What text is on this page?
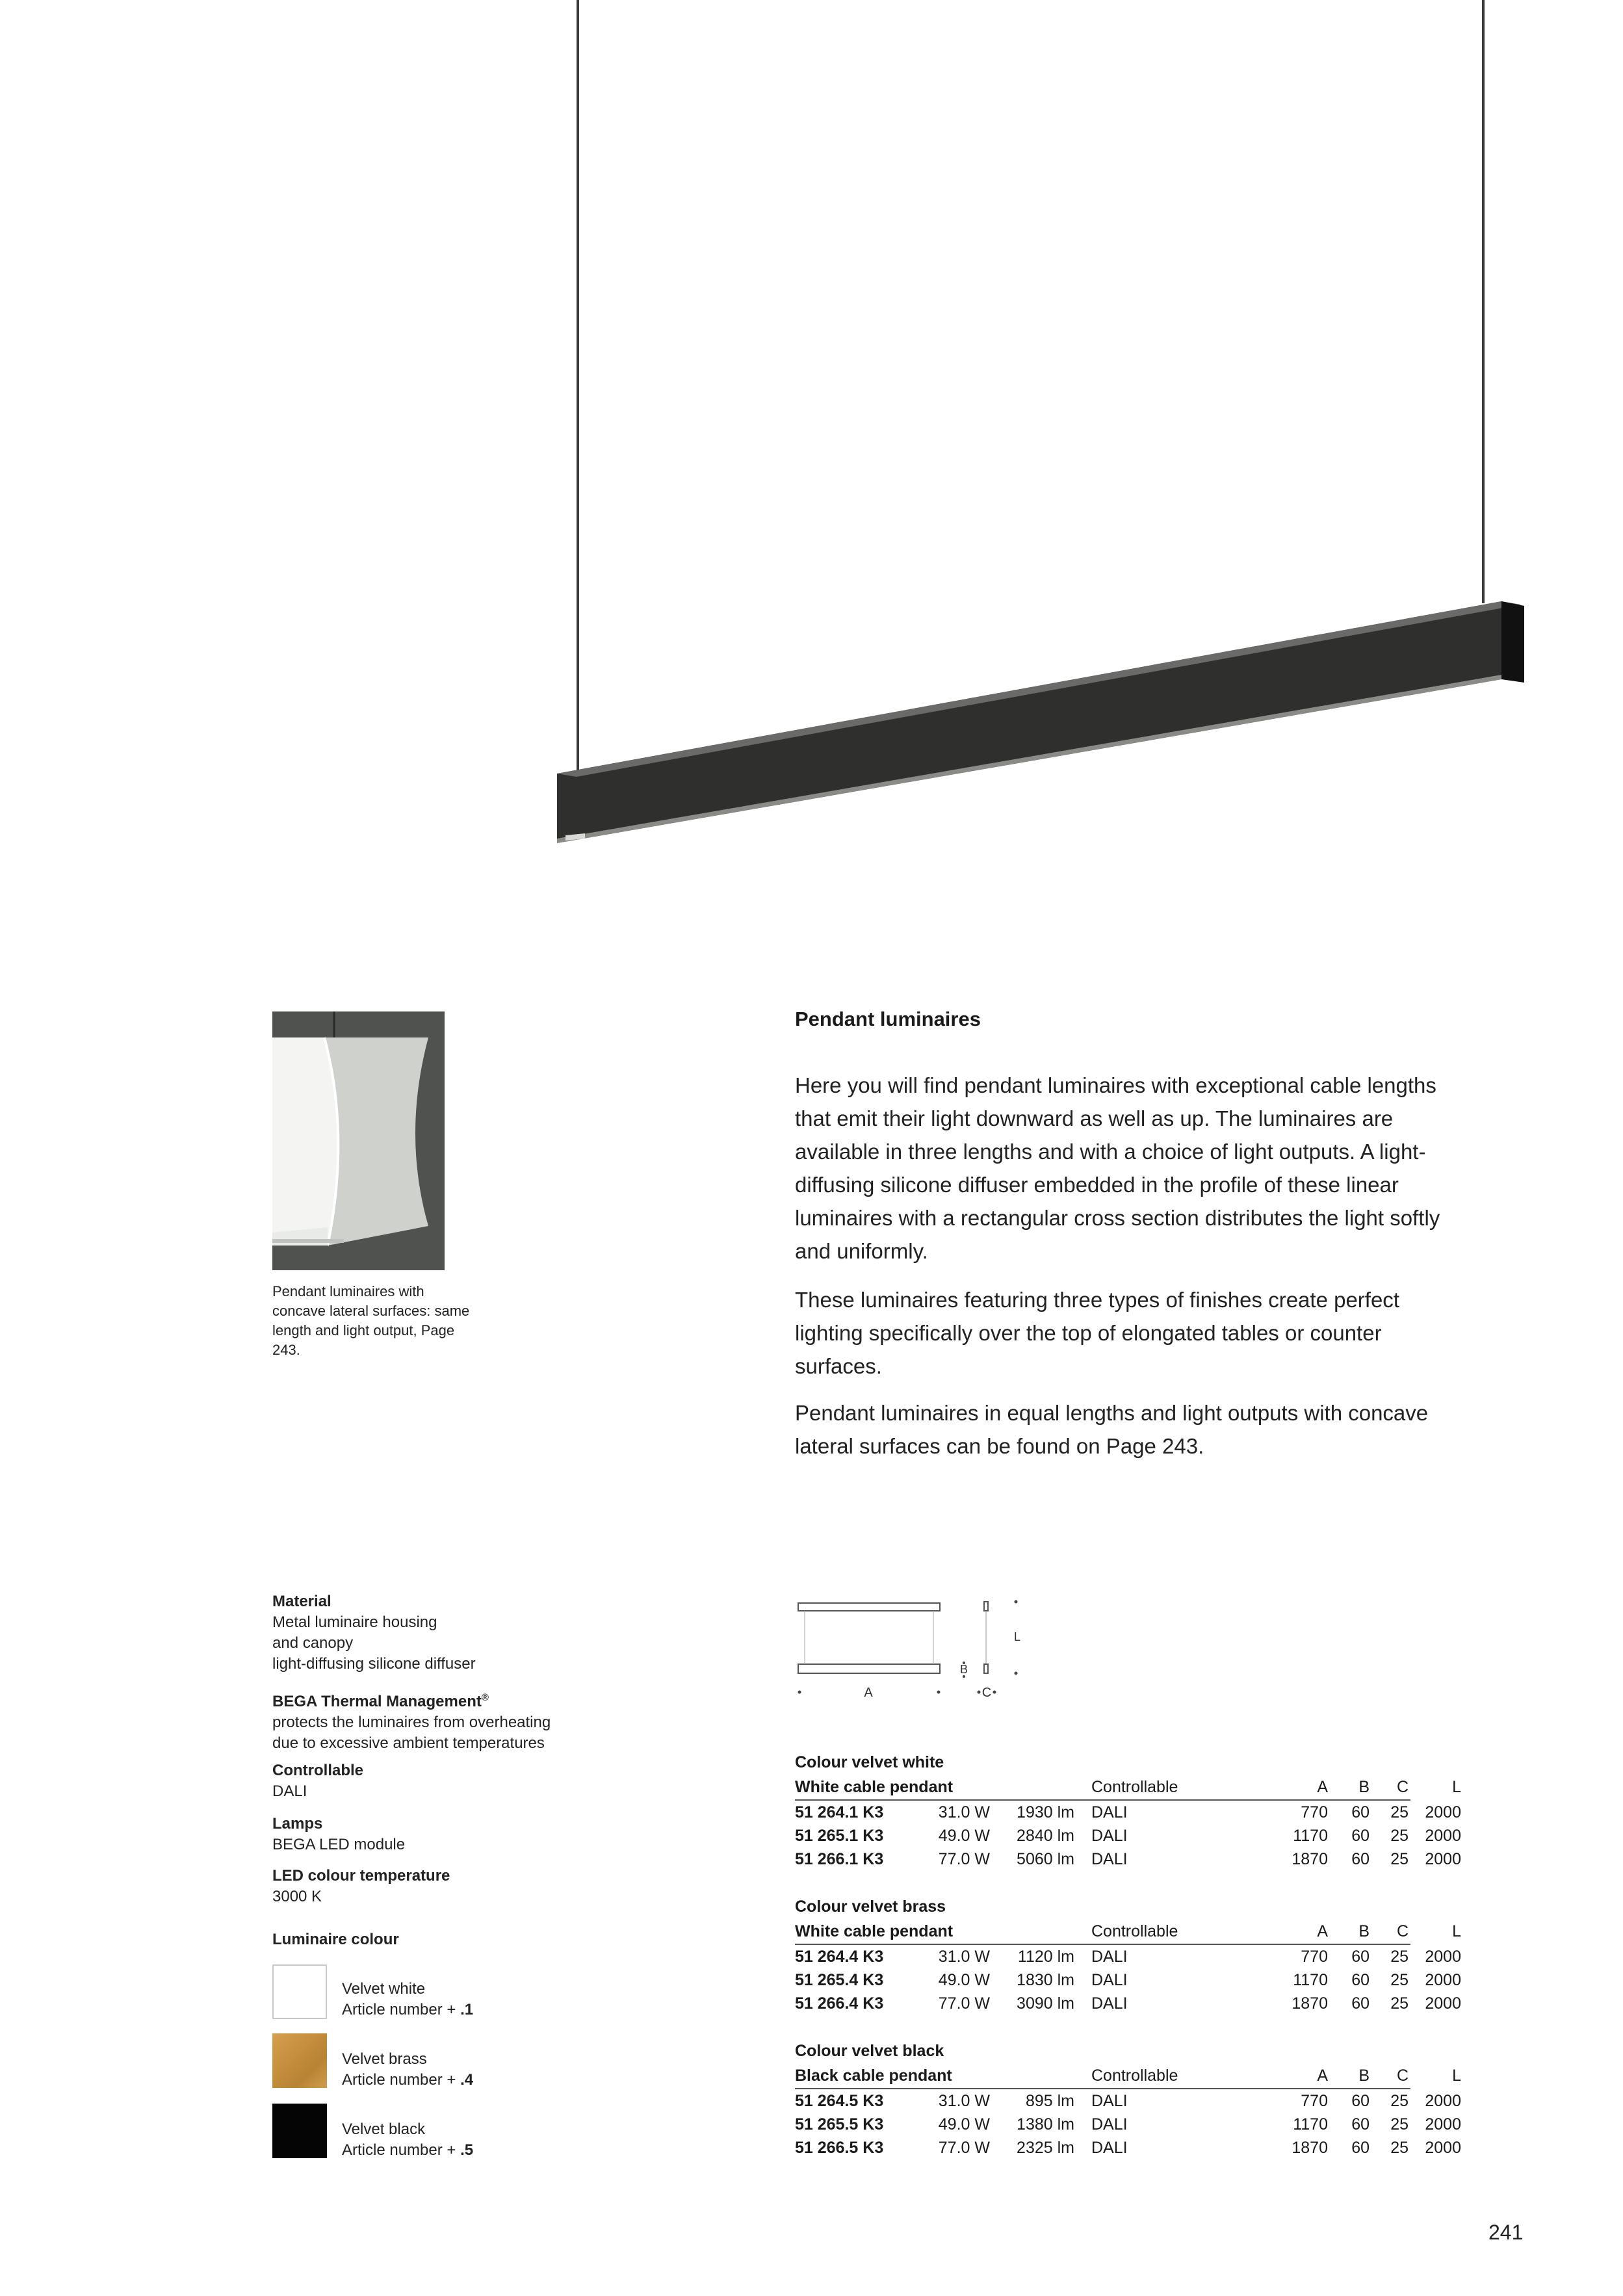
Pendant luminaires with concave lateral surfaces: same length and light output, Page 243.
Pendant luminaires
Here you will find pendant luminaires with exceptional cable lengths that emit their light downward as well as up. The luminaires are available in three lengths and with a choice of light outputs. A light-diffusing silicone diffuser embedded in the profile of these linear luminaires with a rectangular cross section distributes the light softly and uniformly.
These luminaires featuring three types of finishes create perfect lighting specifically over the top of elongated tables or counter surfaces.
Pendant luminaires in equal lengths and light outputs with concave lateral surfaces can be found on Page 243.
Material
Metal luminaire housing
and canopy
light-diffusing silicone diffuser
BEGA Thermal Management®
protects the luminaires from overheating
due to excessive ambient temperatures
Controllable
DALI
Lamps
BEGA LED module
LED colour temperature
3000 K
Luminaire colour
Velvet white
Article number + .1
Velvet brass
Article number + .4
Velvet black
Article number + .5
A
B
C
L
Colour velvet white
White cable pendant	Controllable	A	B	C	L
51 264.1 K3	31.0 W	1930 lm DALI	770	60	25	2000
51 265.1 K3	49.0 W	2840 lm DALI	1170	60	25	2000
51 266.1 K3	77.0 W	5060 lm DALI	1870	60	25	2000
Colour velvet brass
White cable pendant	Controllable	A	B	C	L
51 264.4 K3	31.0 W	1120 lm DALI	770	60	25	2000
51 265.4 K3	49.0 W	1830 lm DALI	1170	60	25	2000
51 266.4 K3	77.0 W	3090 lm DALI	1870	60	25	2000
Colour velvet black
Black cable pendant	Controllable	A	B	C	L
51 264.5 K3	31.0 W	895 lm DALI	770	60	25	2000
51 265.5 K3	49.0 W	1380 lm DALI	1170	60	25	2000
51 266.5 K3	77.0 W	2325 lm DALI	1870	60	25	2000
241
